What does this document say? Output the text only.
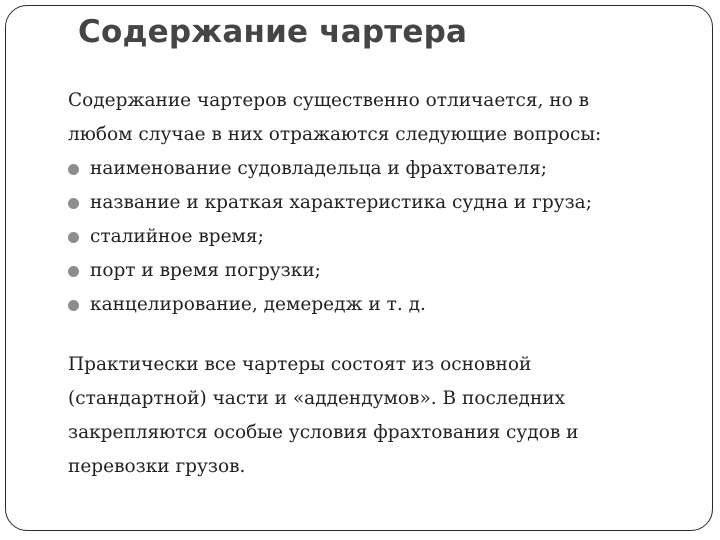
Содержание чартера

Содержание чартеров существенно отличается, но в
любом случае в них отражаются следующие вопросы:

наименование судовладельца и фрахтователя;
название и краткая характеристика судна и груза;
сталийное время;
порт и время погрузки;
канцелирование, демередж и т. д.

Практически все чартеры состоят из основной
(стандартной) части и «аддендумов». В последних
закрепляются особые условия фрахтования судов и
перевозки грузов.
